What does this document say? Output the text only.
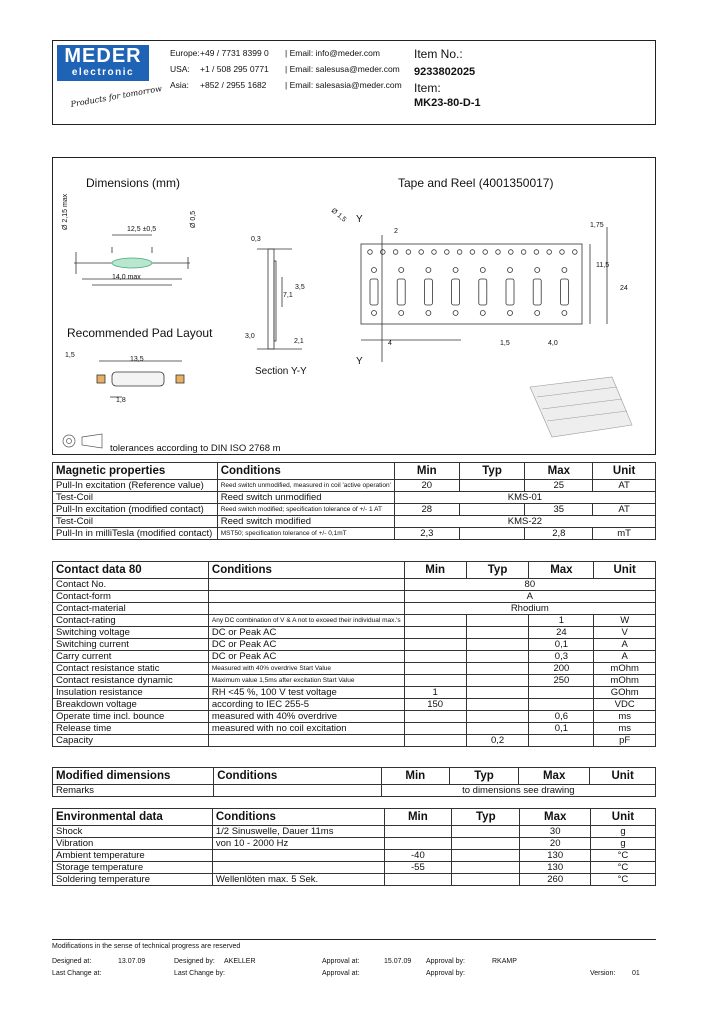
MEDER
electronic
Products for tomorrow
Europe: +49 / 7731 8399 0 | Email: info@meder.com
USA: +1 / 508 295 0771 | Email: salesusa@meder.com
Asia: +852 / 2955 1682 | Email: salesasia@meder.com
Item No.:
9233802025
Item:
MK23-80-D-1
Dimensions (mm)	Tape and Reel (4001350017)
Recommended Pad Layout
Section Y-Y
tolerances according to DIN ISO 2768 m
Ø 2,15 max	Ø 0,5
14,0 max
12,5 ±0,5
0,3
3,5
2,1
3,0
7,1
13,5
1,5
1,8
2
4	1,5	4,0
1,75
11,5
24
Ø 1,5 Y
Y
Magnetic properties	Conditions	Min	Typ	Max	Unit
Pull-In excitation (Reference value)	Reed switch unmodified, measured in coil 'active operation'	20		25	AT
Test-Coil	Reed switch unmodified	KMS-01			
Pull-In excitation (modified contact)	Reed switch modified; specification tolerance of +/- 1 AT	28		35	AT
Test-Coil	Reed switch modified	KMS-22			
Pull-In in milliTesla (modified contact)	MST50; specification tolerance of +/- 0,1mT	2,3		2,8	mT
Contact data 80	Conditions	Min	Typ	Max	Unit
Contact No.		80			
Contact-form		A			
Contact-material		Rhodium			
Contact-rating	Any DC combination of V & A not to exceed their individual max.'s			1	W
Switching voltage	DC or Peak AC			24	V
Switching current	DC or Peak AC			0,1	A
Carry current	DC or Peak AC			0,3	A
Contact resistance static	Measured with 40% overdrive Start Value			200	mOhm
Contact resistance dynamic	Maximum value 1,5ms after excitation Start Value			250	mOhm
Insulation resistance	RH <45 %, 100 V test voltage	1			GOhm
Breakdown voltage	according to IEC 255-5	150			VDC
Operate time incl. bounce	measured with 40% overdrive			0,6	ms
Release time	measured with no coil excitation			0,1	ms
Capacity			0,2		pF
Modified dimensions	Conditions	Min	Typ	Max	Unit
Remarks		to dimensions see drawing			
Environmental data	Conditions	Min	Typ	Max	Unit
Shock	1/2 Sinuswelle, Dauer 11ms			30	g
Vibration	von 10 - 2000 Hz			20	g
Ambient temperature		-40		130	°C
Storage temperature		-55		130	°C
Soldering temperature	Wellenlöten max. 5 Sek.			260	°C
Modifications in the sense of technical progress are reserved
Designed at:	13.07.09	Designed by: AKELLER	Approval at:	15.07.09 Approval by:	RKAMP
Last Change at:	Last Change by:	Approval at:	Approval by:	Version: 01
